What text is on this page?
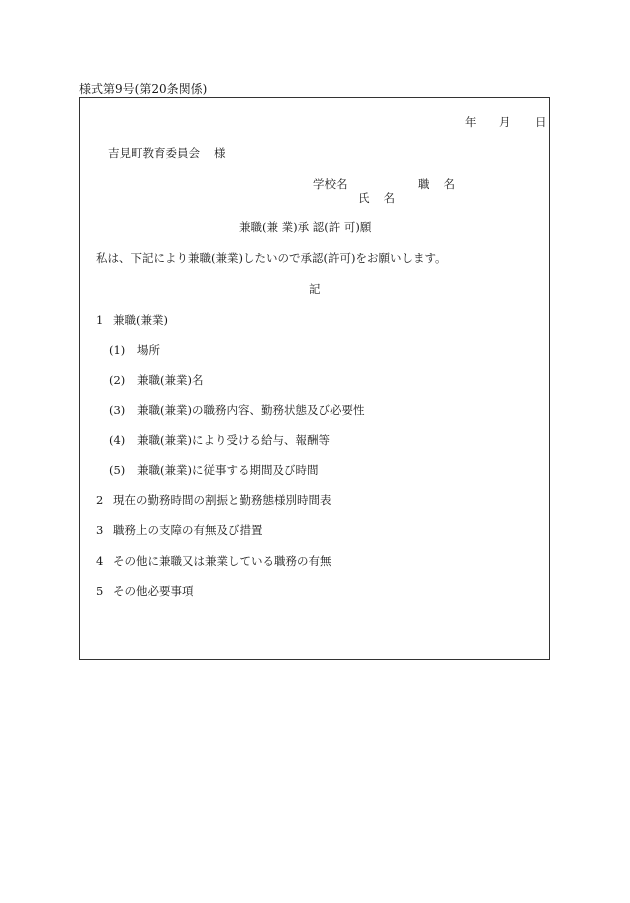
様式第9号(第20条関係)
年 月 日
吉見町教育委員会 様
学校名	職名
氏名
兼職(兼 業)承 認(許 可)願
私は、下記により兼職(兼業)したいので承認(許可)をお願いします。
記
1 兼職(兼業)
(1) 場所
(2) 兼職(兼業)名
(3) 兼職(兼業)の職務内容、勤務状態及び必要性
(4) 兼職(兼業)により受ける給与、報酬等
(5) 兼職(兼業)に従事する期間及び時間
2 現在の勤務時間の割振と勤務態様別時間表
3 職務上の支障の有無及び措置
4 その他に兼職又は兼業している職務の有無
5 その他必要事項
